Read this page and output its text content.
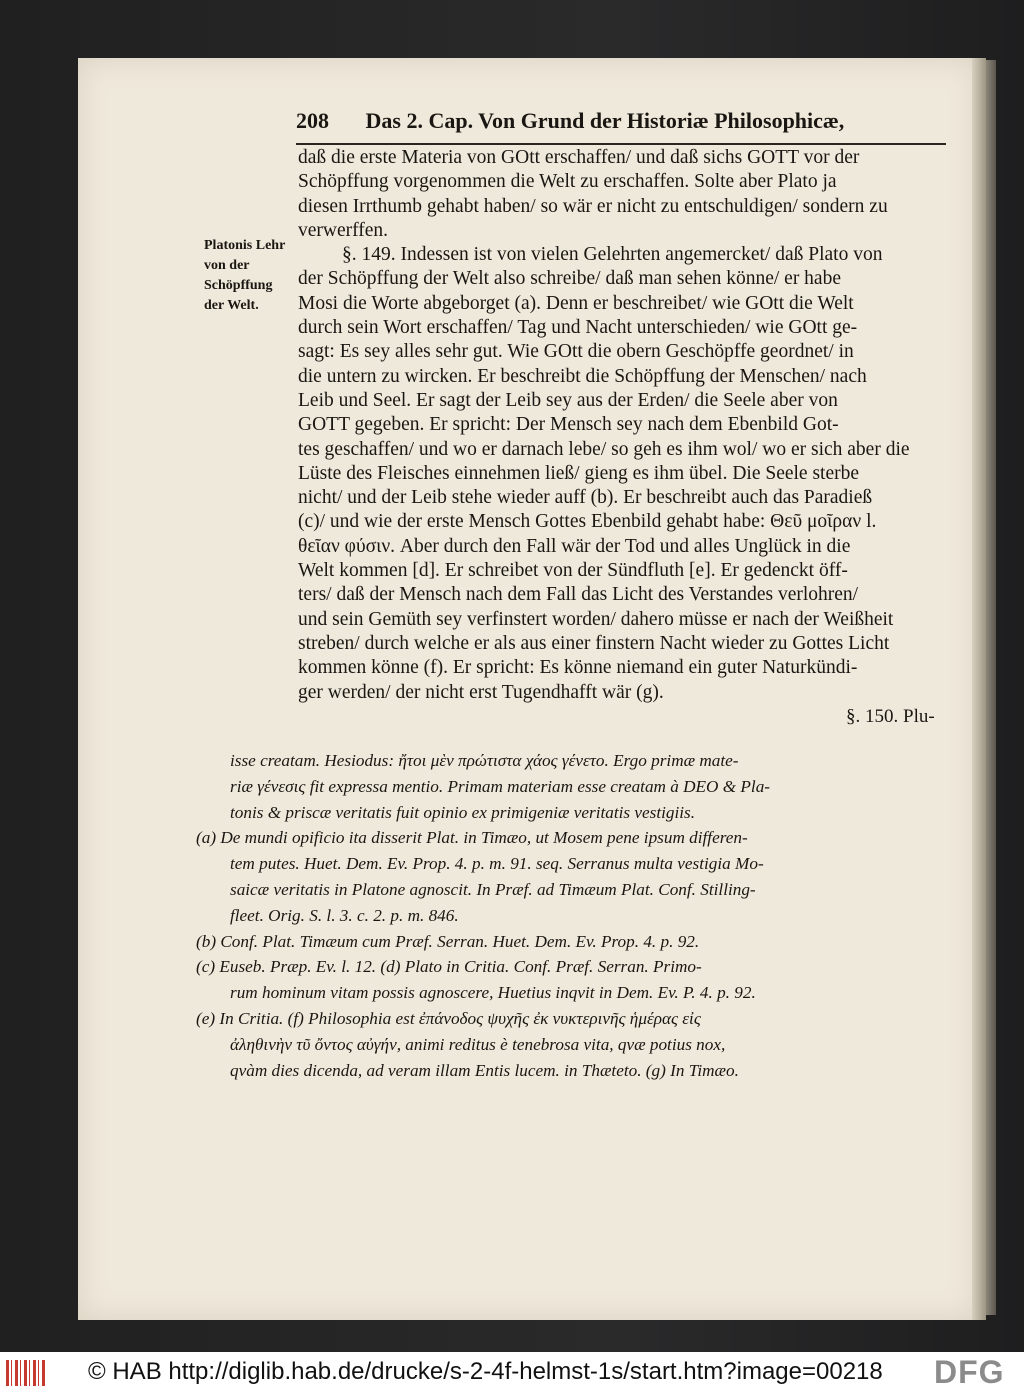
208 Das 2. Cap. Von Grund der Historiæ Philosophicæ,
Platonis Lehr
von der
Schöpffung
der Welt.
daß die erste Materia von GOtt erschaffen/ und daß sichs GOTT vor der
Schöpffung vorgenommen die Welt zu erschaffen. Solte aber Plato ja
diesen Irrthumb gehabt haben/ so wär er nicht zu entschuldigen/ sondern zu
verwerffen.
§. 149. Indessen ist von vielen Gelehrten angemercket/ daß Plato von
der Schöpffung der Welt also schreibe/ daß man sehen könne/ er habe
Mosi die Worte abgeborget (a). Denn er beschreibet/ wie GOtt die Welt
durch sein Wort erschaffen/ Tag und Nacht unterschieden/ wie GOtt ge-
sagt: Es sey alles sehr gut. Wie GOtt die obern Geschöpffe geordnet/ in
die untern zu wircken. Er beschreibt die Schöpffung der Menschen/ nach
Leib und Seel. Er sagt der Leib sey aus der Erden/ die Seele aber von
GOTT gegeben. Er spricht: Der Mensch sey nach dem Ebenbild Got-
tes geschaffen/ und wo er darnach lebe/ so geh es ihm wol/ wo er sich aber die
Lüste des Fleisches einnehmen ließ/ gieng es ihm übel. Die Seele sterbe
nicht/ und der Leib stehe wieder auff (b). Er beschreibt auch das Paradieß
(c)/ und wie der erste Mensch Gottes Ebenbild gehabt habe: Θεῦ μοῖραν l.
θεῖαν φύσιν. Aber durch den Fall wär der Tod und alles Unglück in die
Welt kommen [d]. Er schreibet von der Sündfluth [e]. Er gedenckt öff-
ters/ daß der Mensch nach dem Fall das Licht des Verstandes verlohren/
und sein Gemüth sey verfinstert worden/ dahero müsse er nach der Weißheit
streben/ durch welche er als aus einer finstern Nacht wieder zu Gottes Licht
kommen könne (f). Er spricht: Es könne niemand ein guter Naturkündi-
ger werden/ der nicht erst Tugendhafft wär (g).
§. 150. Plu-
isse creatam. Hesiodus: ἤτοι μὲν πρώτιστα χάος γένετο. Ergo primæ mate-
riæ γένεσις fit expressa mentio. Primam materiam esse creatam à DEO & Pla-
tonis & priscæ veritatis fuit opinio ex primigeniæ veritatis vestigiis.
(a) De mundi opificio ita disserit Plat. in Timæo, ut Mosem pene ipsum differen-
tem putes. Huet. Dem. Ev. Prop. 4. p. m. 91. seq. Serranus multa vestigia Mo-
saicæ veritatis in Platone agnoscit. In Præf. ad Timæum Plat. Conf. Stilling-
fleet. Orig. S. l. 3. c. 2. p. m. 846.
(b) Conf. Plat. Timæum cum Præf. Serran. Huet. Dem. Ev. Prop. 4. p. 92.
(c) Euseb. Præp. Ev. l. 12. (d) Plato in Critia. Conf. Præf. Serran. Primo-
rum hominum vitam possis agnoscere, Huetius inqvit in Dem. Ev. P. 4. p. 92.
(e) In Critia. (f) Philosophia est ἐπάνοδος ψυχῆς ἐκ νυκτερινῆς ἡμέρας εἰς
ἀληθινὴν τῦ ὄντος αὐγήν, animi reditus è tenebrosa vita, qvæ potius nox,
qvàm dies dicenda, ad veram illam Entis lucem. in Thæteto. (g) In Timæo.
© HAB http://diglib.hab.de/drucke/s-2-4f-helmst-1s/start.htm?image=00218 DFG
